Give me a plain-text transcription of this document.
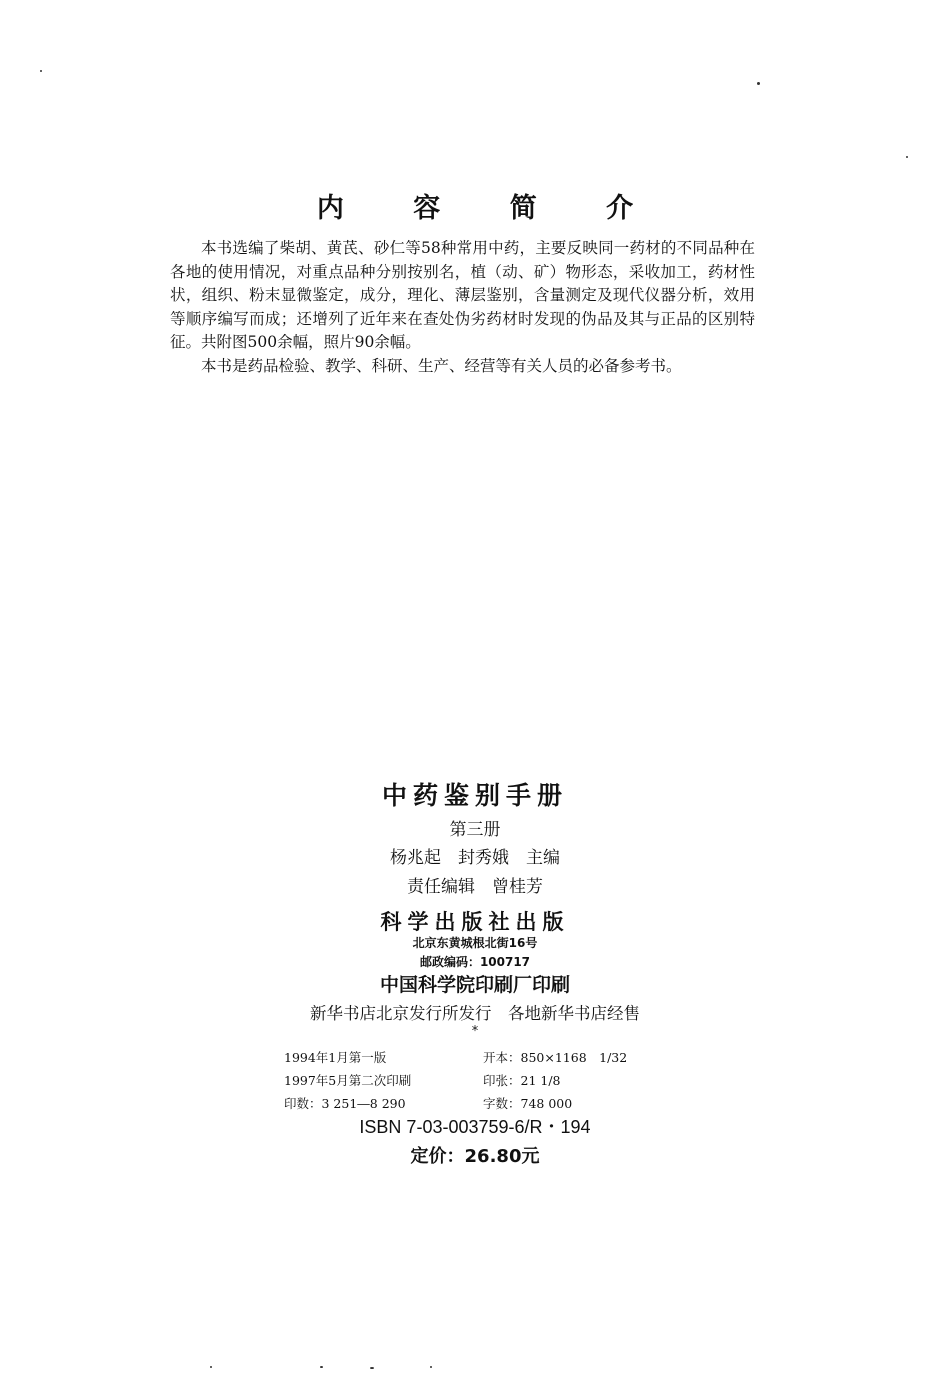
内 容 简 介

本书选编了柴胡、黄芪、砂仁等58种常用中药，主要反映同一药材的不同品种在各地的使用情况，对重点品种分别按别名，植（动、矿）物形态，采收加工，药材性状，组织、粉末显微鉴定，成分，理化、薄层鉴别，含量测定及现代仪器分析，效用等顺序编写而成；还增列了近年来在查处伪劣药材时发现的伪品及其与正品的区别特征。共附图500余幅，照片90余幅。

本书是药品检验、教学、科研、生产、经营等有关人员的必备参考书。

中药鉴别手册
第三册
杨兆起　封秀娥　主编
责任编辑　曾桂芳
科学出版社出版
北京东黄城根北街16号
邮政编码：100717
中国科学院印刷厂印刷
新华书店北京发行所发行　各地新华书店经售
*
1994年1月第一版	开本：850×1168　1/32
1997年5月第二次印刷	印张：21 1/8
印数：3 251―8 290	字数：748 000
ISBN 7-03-003759-6/R・194
定价：26.80元
